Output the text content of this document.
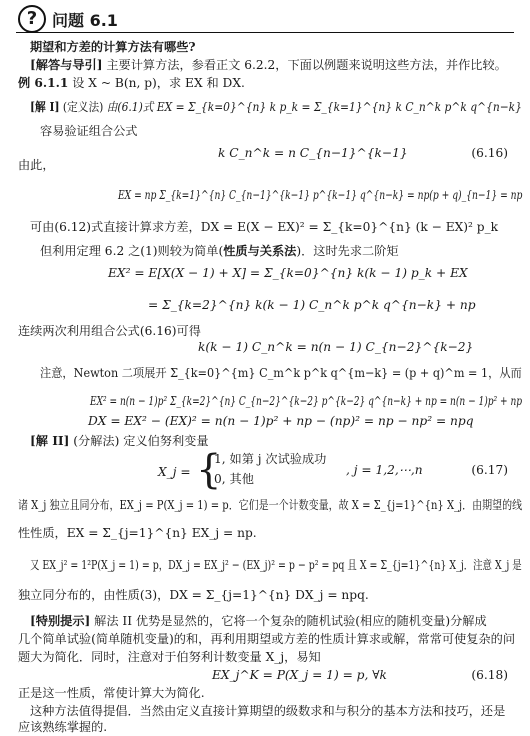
? 问题 6.1
期望和方差的计算方法有哪些?
[解答与导引] 主要计算方法，参看正文 6.2.2，下面以例题来说明这些方法，并作比较。
例 6.1.1 设 X ~ B(n, p)，求 EX 和 DX.
[解 I] (定义法) 由(6.1)式 EX = Σ_{k=0}^{n} k p_k = Σ_{k=1}^{n} k C_n^k p^k q^{n−k}
容易验证组合公式
k C_n^k = n C_{n−1}^{k−1}	(6.16)
由此，
EX = np Σ_{k=1}^{n} C_{n−1}^{k−1} p^{k−1} q^{n−k} = np(p + q)_{n−1} = np
可由(6.12)式直接计算求方差，DX = E(X − EX)² = Σ_{k=0}^{n} (k − EX)² p_k
但利用定理 6.2 之(1)则较为简单(性质与关系法)．这时先求二阶矩
EX² = E[X(X − 1) + X] = Σ_{k=0}^{n} k(k − 1) p_k + EX
= Σ_{k=2}^{n} k(k − 1) C_n^k p^k q^{n−k} + np
连续两次利用组合公式(6.16)可得
k(k − 1) C_n^k = n(n − 1) C_{n−2}^{k−2}
注意，Newton 二项展开 Σ_{k=0}^{m} C_m^k p^k q^{m−k} = (p + q)^m = 1，从而
EX² = n(n − 1)p² Σ_{k=2}^{n} C_{n−2}^{k−2} p^{k−2} q^{n−k} + np = n(n − 1)p² + np
DX = EX² − (EX)² = n(n − 1)p² + np − (np)² = np − np² = npq
[解 II] (分解法) 定义伯努利变量
X_j = {
1, 如第 j 次试验成功
0, 其他
, j = 1,2,⋯,n	(6.17)
诸 X_j 独立且同分布，EX_j = P(X_j = 1) = p．它们是一个计数变量，故 X = Σ_{j=1}^{n} X_j．由期望的线
性性质，EX = Σ_{j=1}^{n} EX_j = np.
又 EX_j² = 1²P(X_j = 1) = p，DX_j = EX_j² − (EX_j)² = p − p² = pq 且 X = Σ_{j=1}^{n} X_j．注意 X_j 是
独立同分布的，由性质(3)，DX = Σ_{j=1}^{n} DX_j = npq.
[特别提示] 解法 II 优势是显然的，它将一个复杂的随机试验(相应的随机变量)分解成
几个简单试验(简单随机变量)的和，再利用期望或方差的性质计算求或解，常常可使复杂的问
题大为简化．同时，注意对于伯努利计数变量 X_j，易知
EX_j^K = P(X_j = 1) = p, ∀k	(6.18)
正是这一性质，常使计算大为简化.
这种方法值得提倡．当然由定义直接计算期望的级数求和与积分的基本方法和技巧，还是
应该熟练掌握的.
